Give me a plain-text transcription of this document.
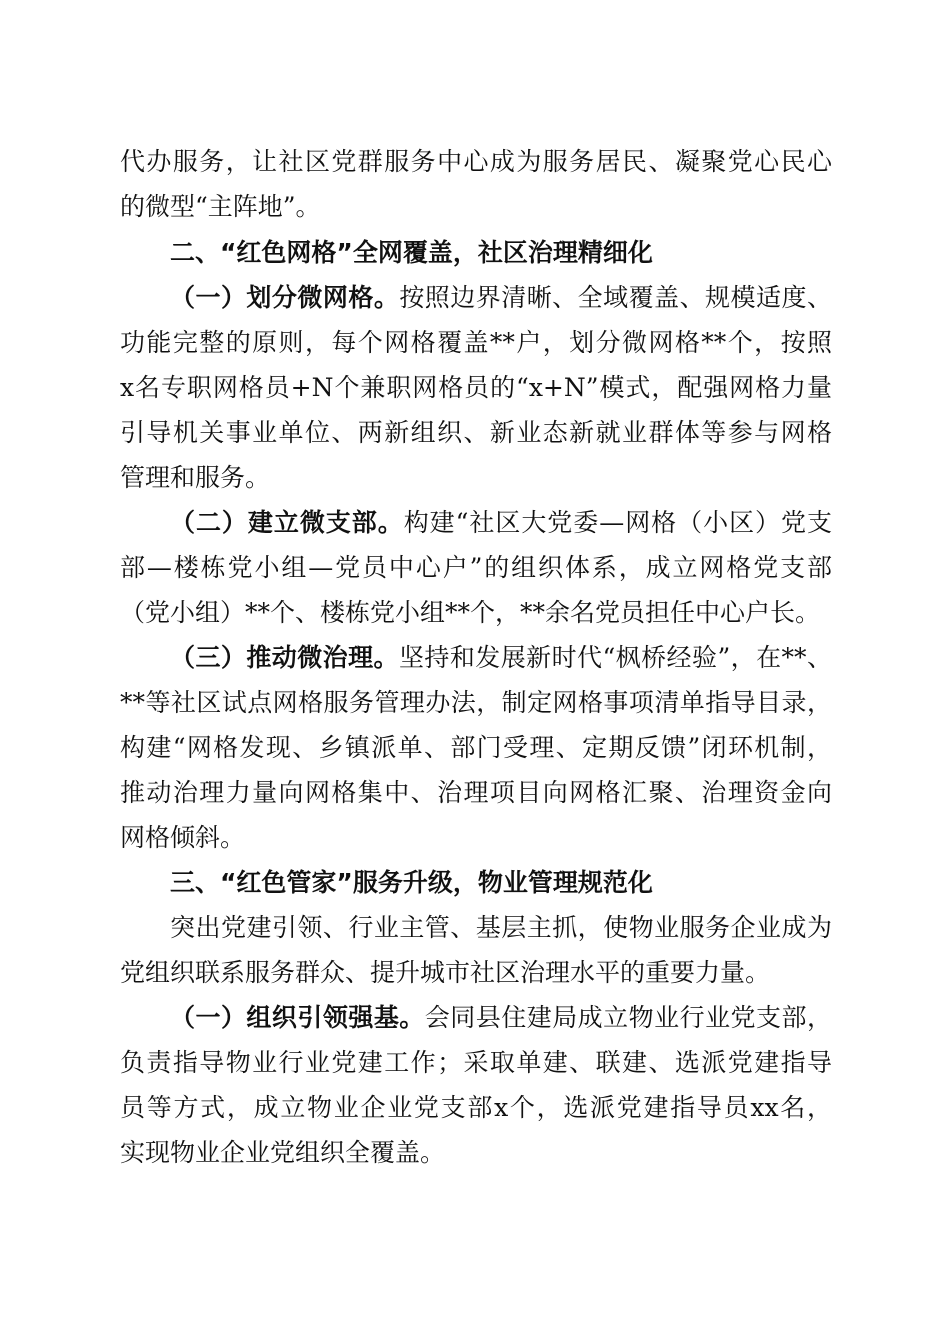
代办服务，让社区党群服务中心成为服务居民、凝聚党心民心
的微型“主阵地”。
二、“红色网格”全网覆盖，社区治理精细化
（一）划分微网格。按照边界清晰、全域覆盖、规模适度、
功能完整的原则，每个网格覆盖**户，划分微网格**个，按照
x名专职网格员+N个兼职网格员的“x+N”模式，配强网格力量
引导机关事业单位、两新组织、新业态新就业群体等参与网格
管理和服务。
（二）建立微支部。构建“社区大党委—网格（小区）党支
部—楼栋党小组—党员中心户”的组织体系，成立网格党支部
（党小组）**个、楼栋党小组**个，**余名党员担任中心户长。
（三）推动微治理。坚持和发展新时代“枫桥经验”，在**、
**等社区试点网格服务管理办法，制定网格事项清单指导目录，
构建“网格发现、乡镇派单、部门受理、定期反馈”闭环机制，
推动治理力量向网格集中、治理项目向网格汇聚、治理资金向
网格倾斜。
三、“红色管家”服务升级，物业管理规范化
突出党建引领、行业主管、基层主抓，使物业服务企业成为
党组织联系服务群众、提升城市社区治理水平的重要力量。
（一）组织引领强基。会同县住建局成立物业行业党支部，
负责指导物业行业党建工作；采取单建、联建、选派党建指导
员等方式，成立物业企业党支部x个，选派党建指导员xx名，
实现物业企业党组织全覆盖。
